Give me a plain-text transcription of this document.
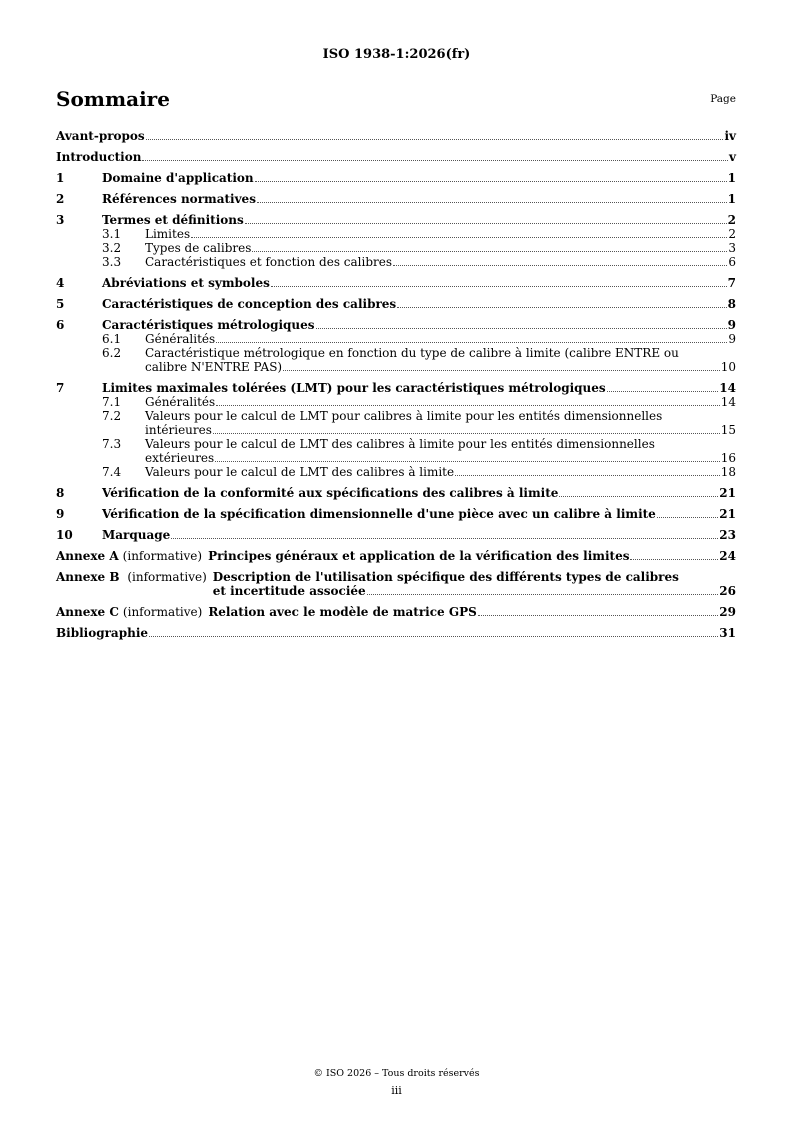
ISO 1938-1:2026(fr)
Sommaire	Page
Avant-propos	iv
Introduction	v
1	Domaine d'application	1
2	Références normatives	1
3	Termes et définitions	2
3.1	Limites	2
3.2	Types de calibres	3
3.3	Caractéristiques et fonction des calibres	6
4	Abréviations et symboles	7
5	Caractéristiques de conception des calibres	8
6	Caractéristiques métrologiques	9
6.1	Généralités	9
6.2	Caractéristique métrologique en fonction du type de calibre à limite (calibre ENTRE ou
calibre N'ENTRE PAS)	10
7	Limites maximales tolérées (LMT) pour les caractéristiques métrologiques	14
7.1	Généralités	14
7.2	Valeurs pour le calcul de LMT pour calibres à limite pour les entités dimensionnelles
intérieures	15
7.3	Valeurs pour le calcul de LMT des calibres à limite pour les entités dimensionnelles
extérieures	16
7.4	Valeurs pour le calcul de LMT des calibres à limite	18
8	Vérification de la conformité aux spécifications des calibres à limite	21
9	Vérification de la spécification dimensionnelle d'une pièce avec un calibre à limite	21
10	Marquage	23
Annexe A (informative) Principes généraux et application de la vérification des limites	24
Annexe B (informative) Description de l'utilisation spécifique des différents types de calibres
et incertitude associée	26
Annexe C (informative) Relation avec le modèle de matrice GPS	29
Bibliographie	31
© ISO 2026 – Tous droits réservés
iii
